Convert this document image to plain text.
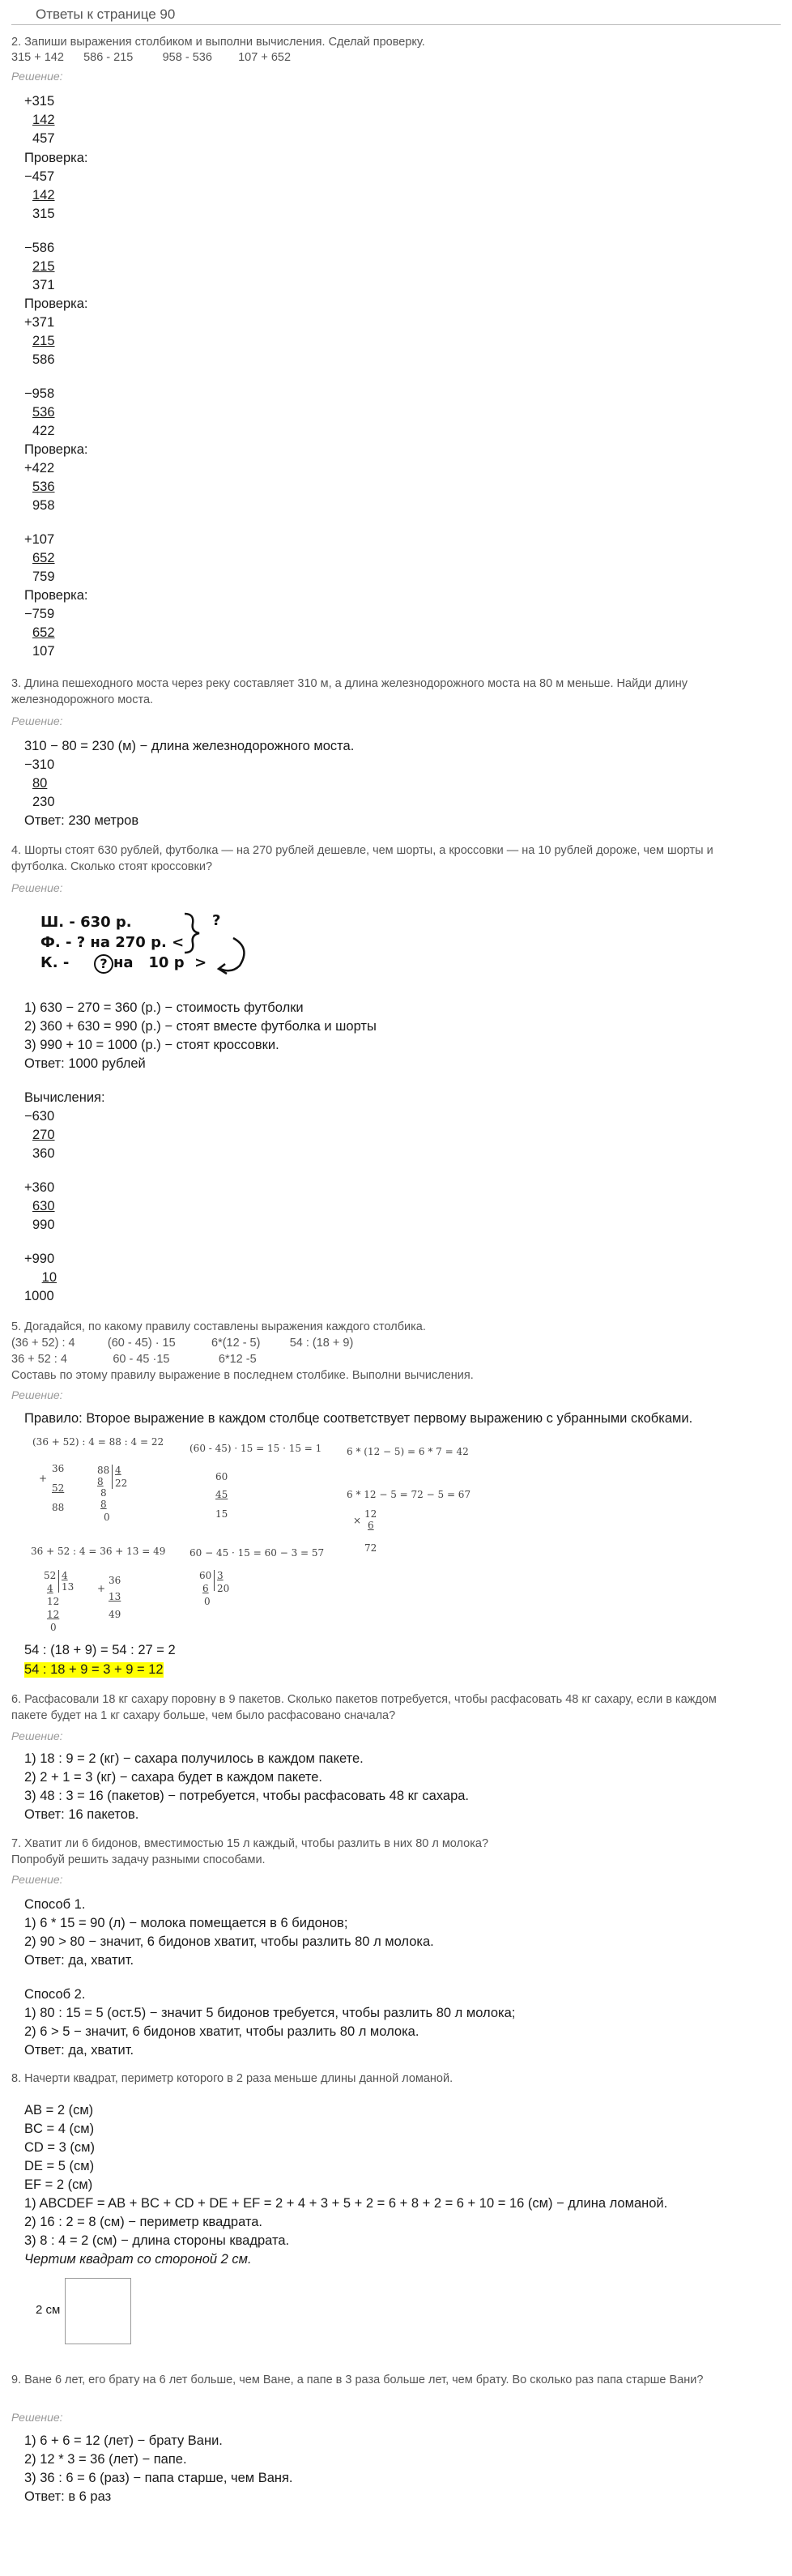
Ответы к странице 90
2. Запиши выражения столбиком и выполни вычисления. Сделай проверку.
315 + 142      586 - 215         958 - 536        107 + 652
Решение:
+315
142
457
Проверка:
−457
142
315
−586
215
371
Проверка:
+371
215
586
−958
536
422
Проверка:
+422
536
958
+107
652
759
Проверка:
−759
652
107
3. Длина пешеходного моста через реку составляет 310 м, а длина железнодорожного моста на 80 м меньше. Найди длину железнодорожного моста.
Решение:
310 − 80 = 230 (м) − длина железнодорожного моста.
−310
80
230
Ответ: 230 метров
4. Шорты стоят 630 рублей, футболка — на 270 рублей дешевле, чем шорты, а кроссовки — на 10 рублей дороже, чем шорты и футболка. Сколько стоят кроссовки?
Решение:
Ш. - 630 р.
Ф. - ? на 270 р. <
К. -	? на   10 р  >
?
1) 630 − 270 = 360 (р.) − стоимость футболки
2) 360 + 630 = 990 (р.) − стоят вместе футболка и шорты
3) 990 + 10 = 1000 (р.) − стоят кроссовки.
Ответ: 1000 рублей
Вычисления:
−630
270
360
+360
630
990
+990
10
1000
5. Догадайся, по какому правилу составлены выражения каждого столбика.
(36 + 52) : 4          (60 - 45) · 15           6*(12 - 5)         54 : (18 + 9)
36 + 52 : 4              60 - 45 ·15               6*12 -5
Составь по этому правилу выражение в последнем столбике. Выполни вычисления.
Решение:
Правило: Второе выражение в каждом столбце соответствует первому выражению с убранными скобками.
(36 + 52) : 4 = 88 : 4 = 22
(60 - 45) · 15 = 15 · 15 = 1	6 * (12 − 5) = 6 * 7 = 42
6 * 12 − 5 = 72 − 5 = 67
36 + 52 : 4 = 36 + 13 = 49 60 − 45 · 15 = 60 − 3 = 57
+
36
52
88
88 4
8 22
8
8
0
60
45
15	12
6
72
×
52 4
13
4
12
12
0
36
13
49
+
60 3
6 20
0
54 : (18 + 9) = 54 : 27 = 2
54 : 18 + 9 = 3 + 9 = 12
6. Расфасовали 18 кг сахару поровну в 9 пакетов. Сколько пакетов потребуется, чтобы расфасовать 48 кг сахару, если в каждом пакете будет на 1 кг сахару больше, чем было расфасовано сначала?
Решение:
1) 18 : 9 = 2 (кг) − сахара получилось в каждом пакете.
2) 2 + 1 = 3 (кг) − сахара будет в каждом пакете.
3) 48 : 3 = 16 (пакетов) − потребуется, чтобы расфасовать 48 кг сахара.
Ответ: 16 пакетов.
7. Хватит ли 6 бидонов, вместимостью 15 л каждый, чтобы разлить в них 80 л молока?
Попробуй решить задачу разными способами.
Решение:
Способ 1.
1) 6 * 15 = 90 (л) − молока помещается в 6 бидонов;
2) 90 > 80 − значит, 6 бидонов хватит, чтобы разлить 80 л молока.
Ответ: да, хватит.
Способ 2.
1) 80 : 15 = 5 (ост.5) − значит 5 бидонов требуется, чтобы разлить 80 л молока;
2) 6 > 5 − значит, 6 бидонов хватит, чтобы разлить 80 л молока.
Ответ: да, хватит.
8. Начерти квадрат, периметр которого в 2 раза меньше длины данной ломаной.
AB = 2 (см)
BC = 4 (см)
CD = 3 (см)
DE = 5 (см)
EF = 2 (см)
1) ABCDEF = AB + BC + CD + DE + EF = 2 + 4 + 3 + 5 + 2 = 6 + 8 + 2 = 6 + 10 = 16 (см) − длина ломаной.
2) 16 : 2 = 8 (см) − периметр квадрата.
3) 8 : 4 = 2 (см) − длина стороны квадрата.
Чертим квадрат со стороной 2 см.
2 см
9. Ване 6 лет, его брату на 6 лет больше, чем Ване, а папе в 3 раза больше лет, чем брату. Во сколько раз папа старше Вани?
Решение:
1) 6 + 6 = 12 (лет) − брату Вани.
2) 12 * 3 = 36 (лет) − папе.
3) 36 : 6 = 6 (раз) − папа старше, чем Ваня.
Ответ: в 6 раз
